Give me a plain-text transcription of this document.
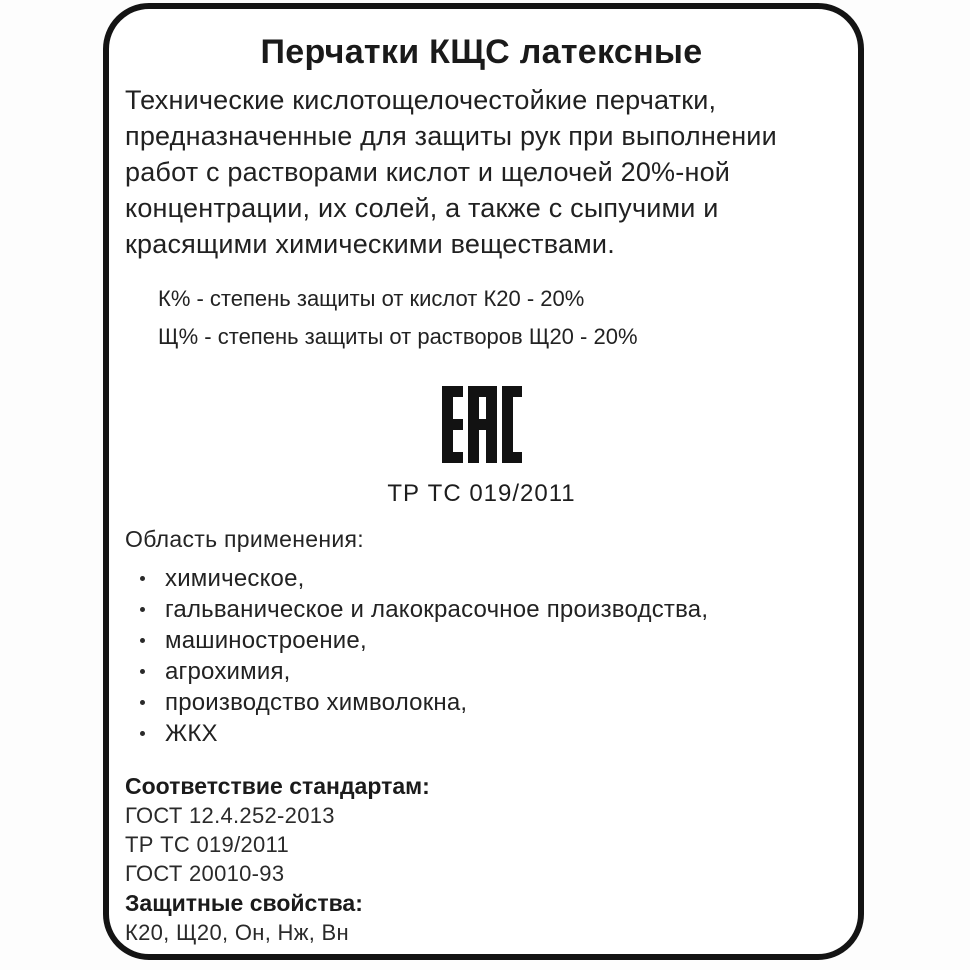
Перчатки КЩС латексные

Технические кислотощелочестойкие перчатки, предназначенные для защиты рук при выполнении работ с растворами кислот и щелочей 20%-ной концентрации, их солей, а также с сыпучими и красящими химическими веществами.

К% - степень защиты от кислот К20 - 20%
Щ% - степень защиты от растворов Щ20 - 20%
ТР ТС 019/2011
Область применения:
химическое,
гальваническое и лакокрасочное производства,
машиностроение,
агрохимия,
производство химволокна,
ЖКХ
Соответствие стандартам:
ГОСТ 12.4.252-2013
ТР ТС 019/2011
ГОСТ 20010-93
Защитные свойства:
К20, Щ20, Он, Нж, Вн
